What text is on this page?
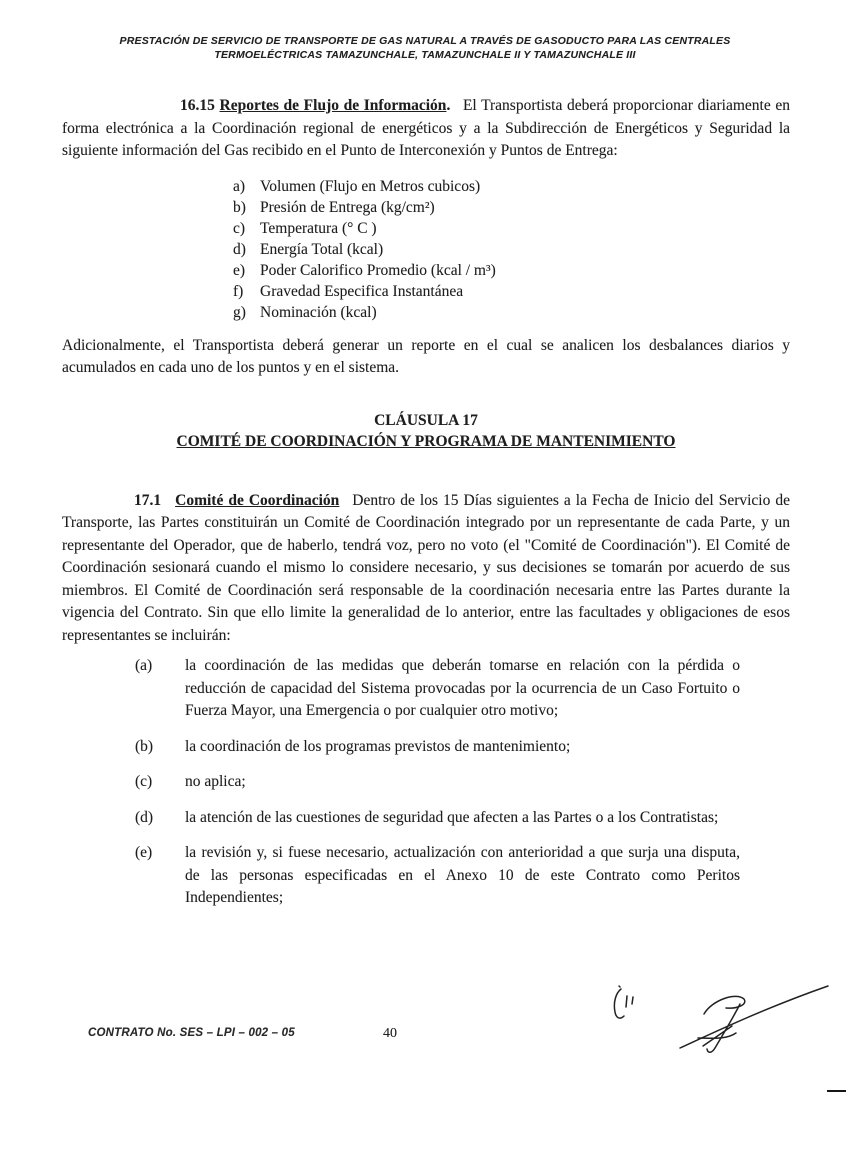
PRESTACIÓN DE SERVICIO DE TRANSPORTE DE GAS NATURAL A TRAVÉS DE GASODUCTO PARA LAS CENTRALES
TERMOELÉCTRICAS TAMAZUNCHALE, TAMAZUNCHALE II Y TAMAZUNCHALE III

16.15 Reportes de Flujo de Información. El Transportista deberá proporcionar diariamente en forma electrónica a la Coordinación regional de energéticos y a la Subdirección de Energéticos y Seguridad la siguiente información del Gas recibido en el Punto de Interconexión y Puntos de Entrega:

a) Volumen (Flujo en Metros cubicos)
b) Presión de Entrega (kg/cm²)
c) Temperatura (° C )
d) Energía Total (kcal)
e) Poder Calorifico Promedio (kcal / m³)
f)	Gravedad Especifica Instantánea
g) Nominación (kcal)

Adicionalmente, el Transportista deberá generar un reporte en el cual se analicen los desbalances diarios y acumulados en cada uno de los puntos y en el sistema.

CLÁUSULA 17
COMITÉ DE COORDINACIÓN Y PROGRAMA DE MANTENIMIENTO

17.1 Comité de Coordinación Dentro de los 15 Días siguientes a la Fecha de Inicio del Servicio de Transporte, las Partes constituirán un Comité de Coordinación integrado por un representante de cada Parte, y un representante del Operador, que de haberlo, tendrá voz, pero no voto (el "Comité de Coordinación"). El Comité de Coordinación sesionará cuando el mismo lo considere necesario, y sus decisiones se tomarán por acuerdo de sus miembros. El Comité de Coordinación será responsable de la coordinación necesaria entre las Partes durante la vigencia del Contrato. Sin que ello limite la generalidad de lo anterior, entre las facultades y obligaciones de esos representantes se incluirán:

(a)	la coordinación de las medidas que deberán tomarse en relación con la pérdida o reducción de capacidad del Sistema provocadas por la ocurrencia de un Caso Fortuito o Fuerza Mayor, una Emergencia o por cualquier otro motivo;
(b)	la coordinación de los programas previstos de mantenimiento;
(c)	no aplica;
(d)	la atención de las cuestiones de seguridad que afecten a las Partes o a los Contratistas;
(e)	la revisión y, si fuese necesario, actualización con anterioridad a que surja una disputa, de las personas especificadas en el Anexo 10 de este Contrato como Peritos Independientes;
CONTRATO No. SES – LPI – 002 – 05	40
